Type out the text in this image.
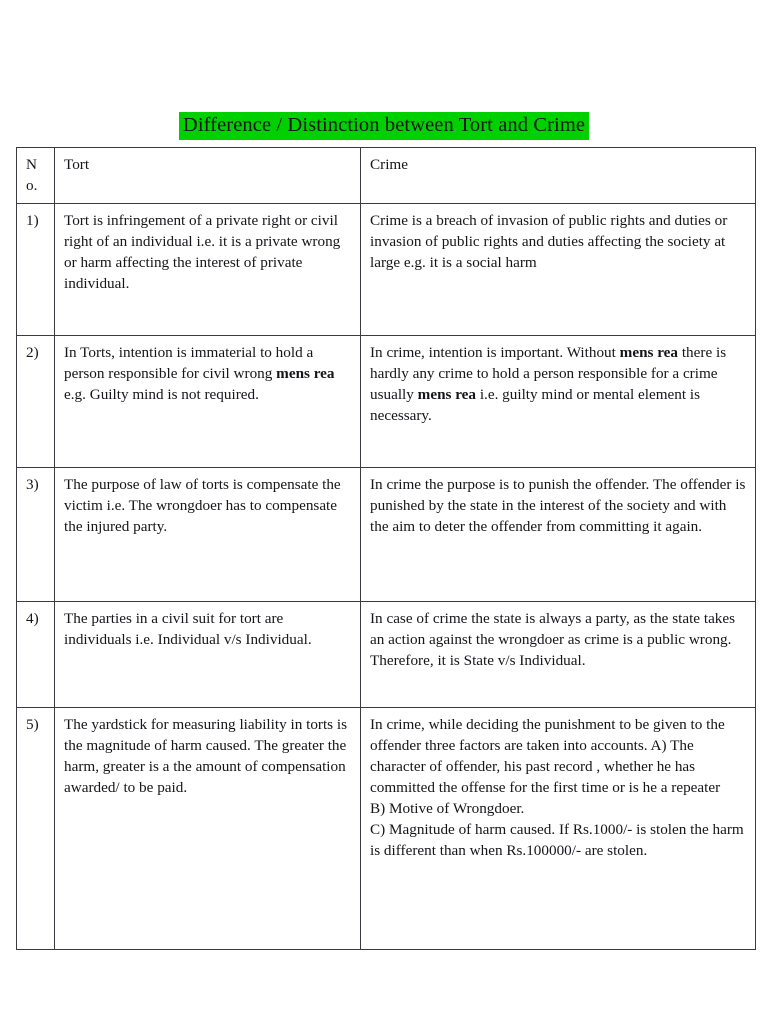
Difference / Distinction between Tort and Crime
No.	Tort	Crime
1)	Tort is infringement of a private right or civil right of an individual i.e. it is a private wrong or harm affecting the interest of private individual.	Crime is a breach of invasion of public rights and duties or invasion of public rights and duties affecting the society at large e.g. it is a social harm
2)	In Torts, intention is immaterial to hold a person responsible for civil wrong mens rea e.g. Guilty mind is not required.	In crime, intention is important. Without mens rea there is hardly any crime to hold a person responsible for a crime usually mens rea i.e. guilty mind or mental element is necessary.

3)	The purpose of law of torts is compensate the victim i.e. The wrongdoer has to compensate the injured party.	In crime the purpose is to punish the offender. The offender is punished by the state in the interest of the society and with the aim to deter the offender from committing it again.
4)	The parties in a civil suit for tort are individuals i.e. Individual v/s Individual.	In case of crime the state is always a party, as the state takes an action against the wrongdoer as crime is a public wrong. Therefore, it is State v/s Individual.
5)	The yardstick for measuring liability in torts is the magnitude of harm caused. The greater the harm, greater is a the amount of compensation awarded/ to be paid.	In crime, while deciding the punishment to be given to the offender three factors are taken into accounts. A) The character of offender, his past record , whether he has committed the offense for the first time or is he a repeater

B) Motive of Wrongdoer.

C) Magnitude of harm caused. If Rs.1000/- is stolen the harm is different than when Rs.100000/- are stolen.
